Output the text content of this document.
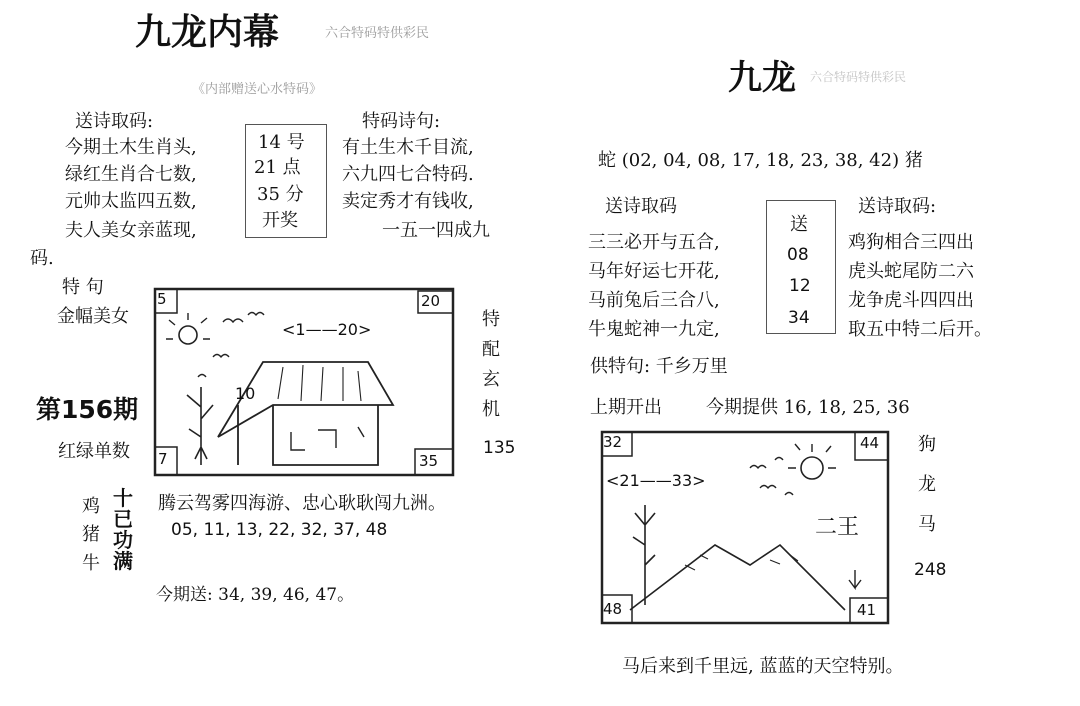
九龙内幕	六合特码特供彩民
《内部赠送心水特码》
送诗取码:	特码诗句:
今期土木生肖头,
绿红生肖合七数,
元帅太监四五数,
夫人美女亲蓝现,
14 号
21 点
35 分
开奖
有土生木千目流,
六九四七合特码.
卖定秀才有钱收,
一五一四成九
码.
特 句
金幅美女
第156期
红绿单数
5	20
7	35
<1——20>
10
特
配
玄
机
135
鸡
猪
牛
十
已
功
满
腾云驾雾四海游、忠心耿耿闯九洲。
05, 11, 13, 22, 32, 37, 48
今期送: 34, 39, 46, 47。
九龙 六合特码特供彩民
蛇 (02, 04, 08, 17, 18, 23, 38, 42) 猪
送诗取码	送诗取码:
三三必开与五合,
马年好运七开花,
马前兔后三合八,
牛鬼蛇神一九定,
送
08
12
34
鸡狗相合三四出
虎头蛇尾防二六
龙争虎斗四四出
取五中特二后开。
供特句: 千乡万里
上期开出 今期提供 16, 18, 25, 36
32	44
48	41
<21——33>
二王
狗
龙
马
248
马后来到千里远, 蓝蓝的天空特别。
